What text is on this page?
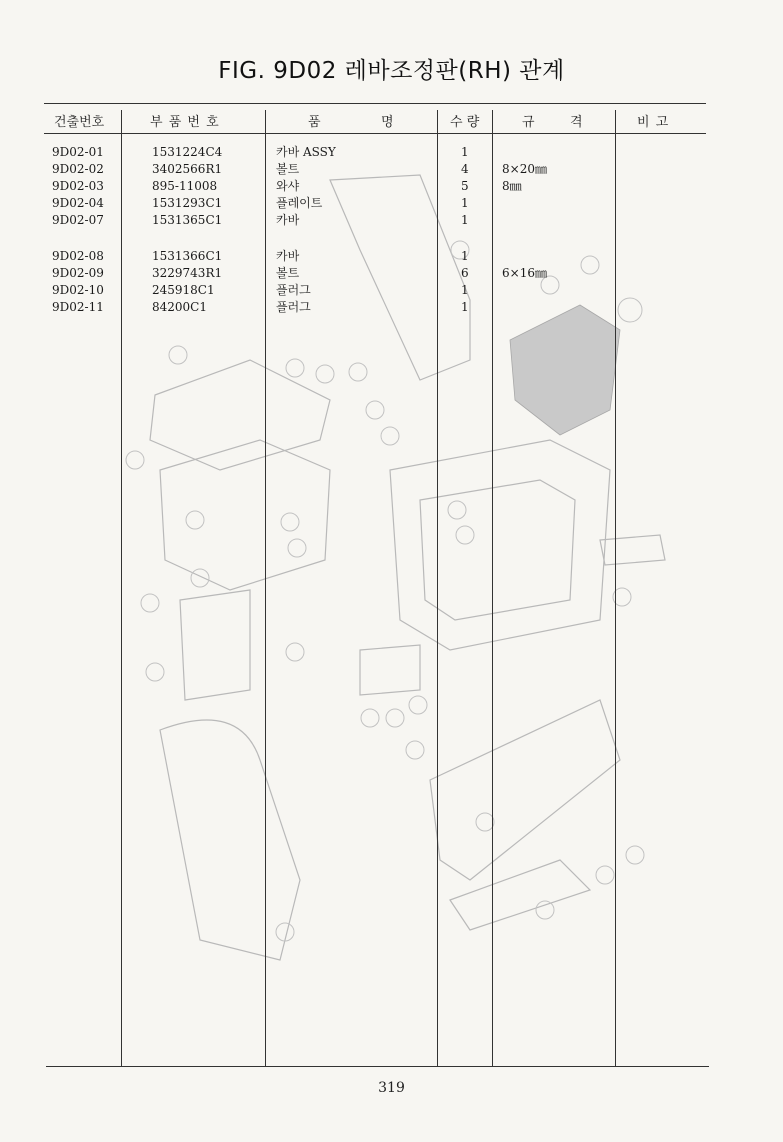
FIG. 9D02 레바조정판(RH) 관계
건출번호	부 품 번 호	품	명	수 량	규	격	비 고
9D02-01	1531224C4	카바 ASSY	1
9D02-02	3402566R1	볼트	4	8×20㎜
9D02-03	895-11008	와샤	5	8㎜
9D02-04	1531293C1	플레이트	1
9D02-07	1531365C1	카바	1
9D02-08	1531366C1	카바	1
9D02-09	3229743R1	볼트	6	6×16㎜
9D02-10	245918C1	플러그	1
9D02-11	84200C1	플러그	1
319
